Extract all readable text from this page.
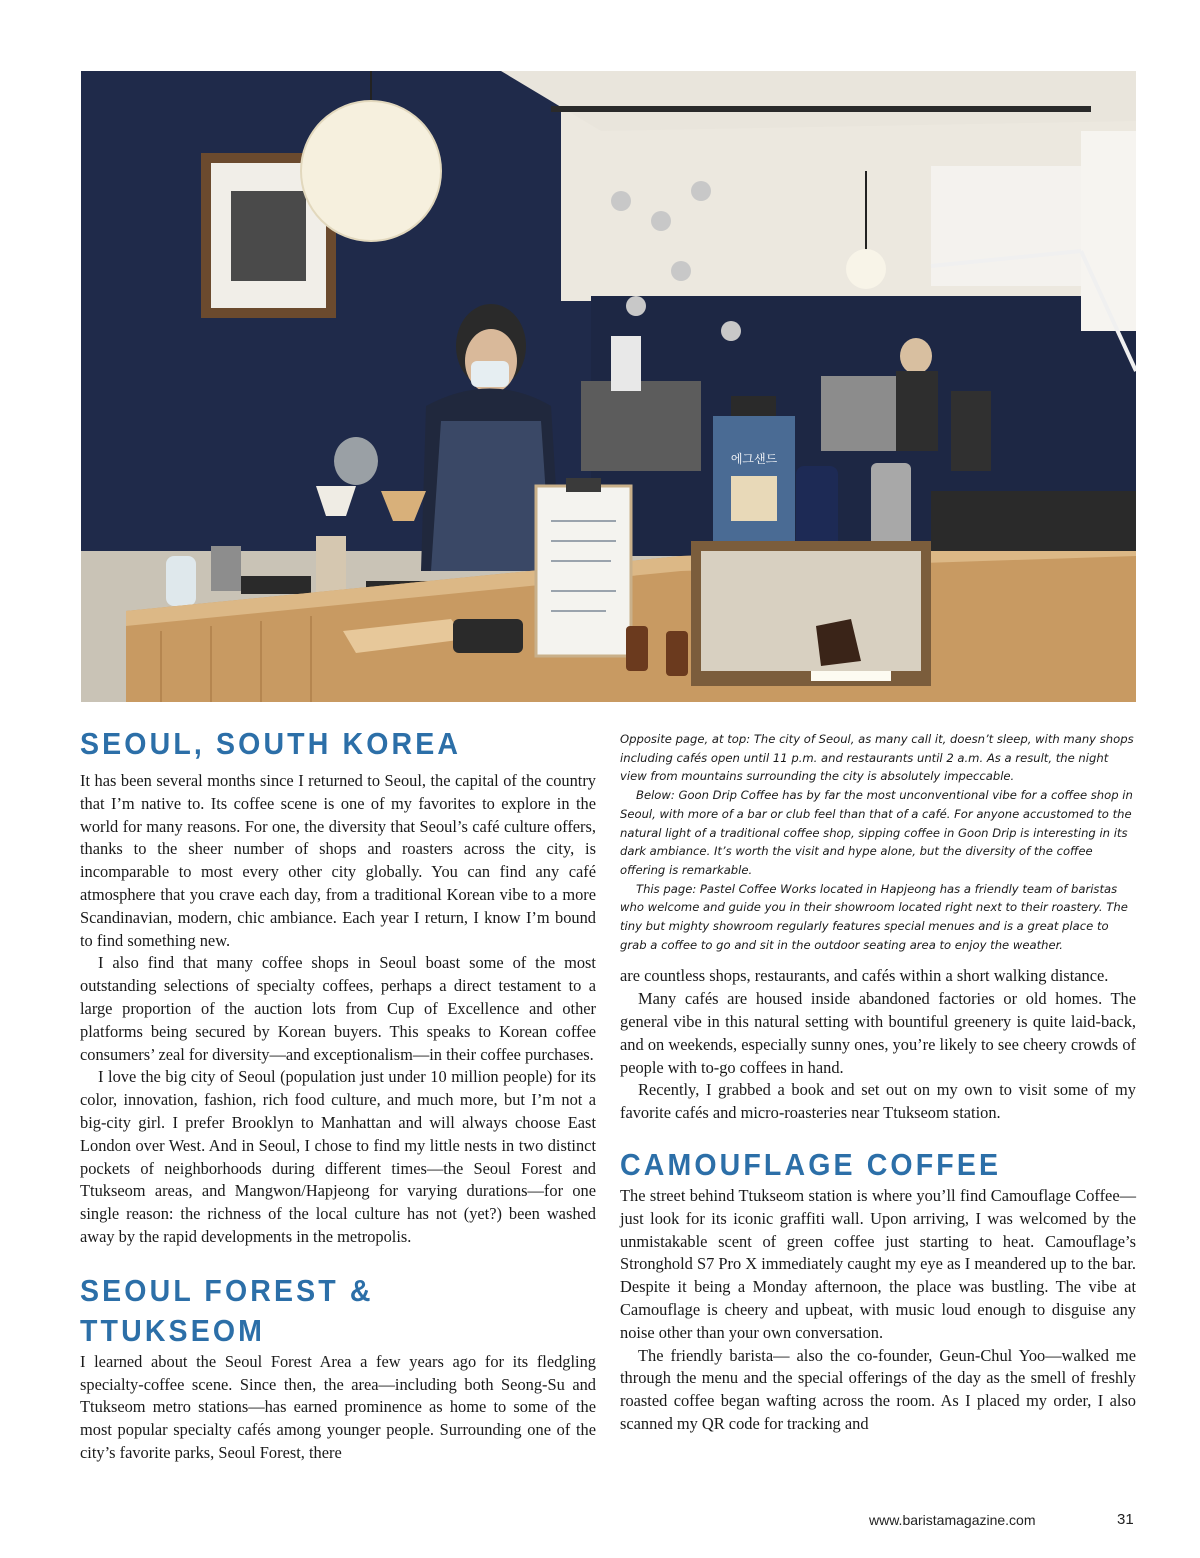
에그샌드
SEOUL, SOUTH KOREA

It has been several months since I returned to Seoul, the capital of the country that I’m native to. Its coffee scene is one of my favorites to explore in the world for many reasons. For one, the diversity that Seoul’s café culture offers, thanks to the sheer number of shops and roasters across the city, is incomparable to most every other city globally. You can find any café atmosphere that you crave each day, from a traditional Korean vibe to a more Scandinavian, modern, chic ambiance. Each year I return, I know I’m bound to find something new.

I also find that many coffee shops in Seoul boast some of the most outstanding selections of specialty coffees, perhaps a direct testament to a large proportion of the auction lots from Cup of Excellence and other platforms being secured by Korean buyers. This speaks to Korean coffee consumers’ zeal for diversity—and exceptionalism—in their coffee purchases.

I love the big city of Seoul (population just under 10 million people) for its color, innovation, fashion, rich food culture, and much more, but I’m not a big-city girl. I prefer Brooklyn to Manhattan and will always choose East London over West. And in Seoul, I chose to find my little nests in two distinct pockets of neighborhoods during different times—the Seoul Forest and Ttukseom areas, and Mangwon/Hapjeong for varying durations—for one single reason: the richness of the local culture has not (yet?) been washed away by the rapid developments in the metropolis.

SEOUL FOREST & TTUKSEOM

I learned about the Seoul Forest Area a few years ago for its fledgling specialty-coffee scene. Since then, the area—including both Seong-Su and Ttukseom metro stations—has earned prominence as home to some of the most popular specialty cafés among younger people. Surrounding one of the city’s favorite parks, Seoul Forest, there

Opposite page, at top: The city of Seoul, as many call it, doesn’t sleep, with many shops including cafés open until 11 p.m. and restaurants until 2 a.m. As a result, the night view from mountains surrounding the city is absolutely impeccable.

Below: Goon Drip Coffee has by far the most unconventional vibe for a coffee shop in Seoul, with more of a bar or club feel than that of a café. For anyone accustomed to the natural light of a traditional coffee shop, sipping coffee in Goon Drip is interesting in its dark ambiance. It’s worth the visit and hype alone, but the diversity of the coffee offering is remarkable.

This page: Pastel Coffee Works located in Hapjeong has a friendly team of baristas who welcome and guide you in their showroom located right next to their roastery. The tiny but mighty showroom regularly features special menues and is a great place to grab a coffee to go and sit in the outdoor seating area to enjoy the weather.

are countless shops, restaurants, and cafés within a short walking distance.

Many cafés are housed inside abandoned factories or old homes. The general vibe in this natural setting with bountiful greenery is quite laid-back, and on weekends, especially sunny ones, you’re likely to see cheery crowds of people with to-go coffees in hand.

Recently, I grabbed a book and set out on my own to visit some of my favorite cafés and micro-roasteries near Ttukseom station.

CAMOUFLAGE COFFEE

The street behind Ttukseom station is where you’ll find Camouflage Coffee—just look for its iconic graffiti wall. Upon arriving, I was welcomed by the unmistakable scent of green coffee just starting to heat. Camouflage’s Stronghold S7 Pro X immediately caught my eye as I meandered up to the bar. Despite it being a Monday afternoon, the place was bustling. The vibe at Camouflage is cheery and upbeat, with music loud enough to disguise any noise other than your own conversation.

The friendly barista— also the co-founder, Geun-Chul Yoo—walked me through the menu and the special offerings of the day as the smell of freshly roasted coffee began wafting across the room. As I placed my order, I also scanned my QR code for tracking and

www.baristamagazine.com	31
